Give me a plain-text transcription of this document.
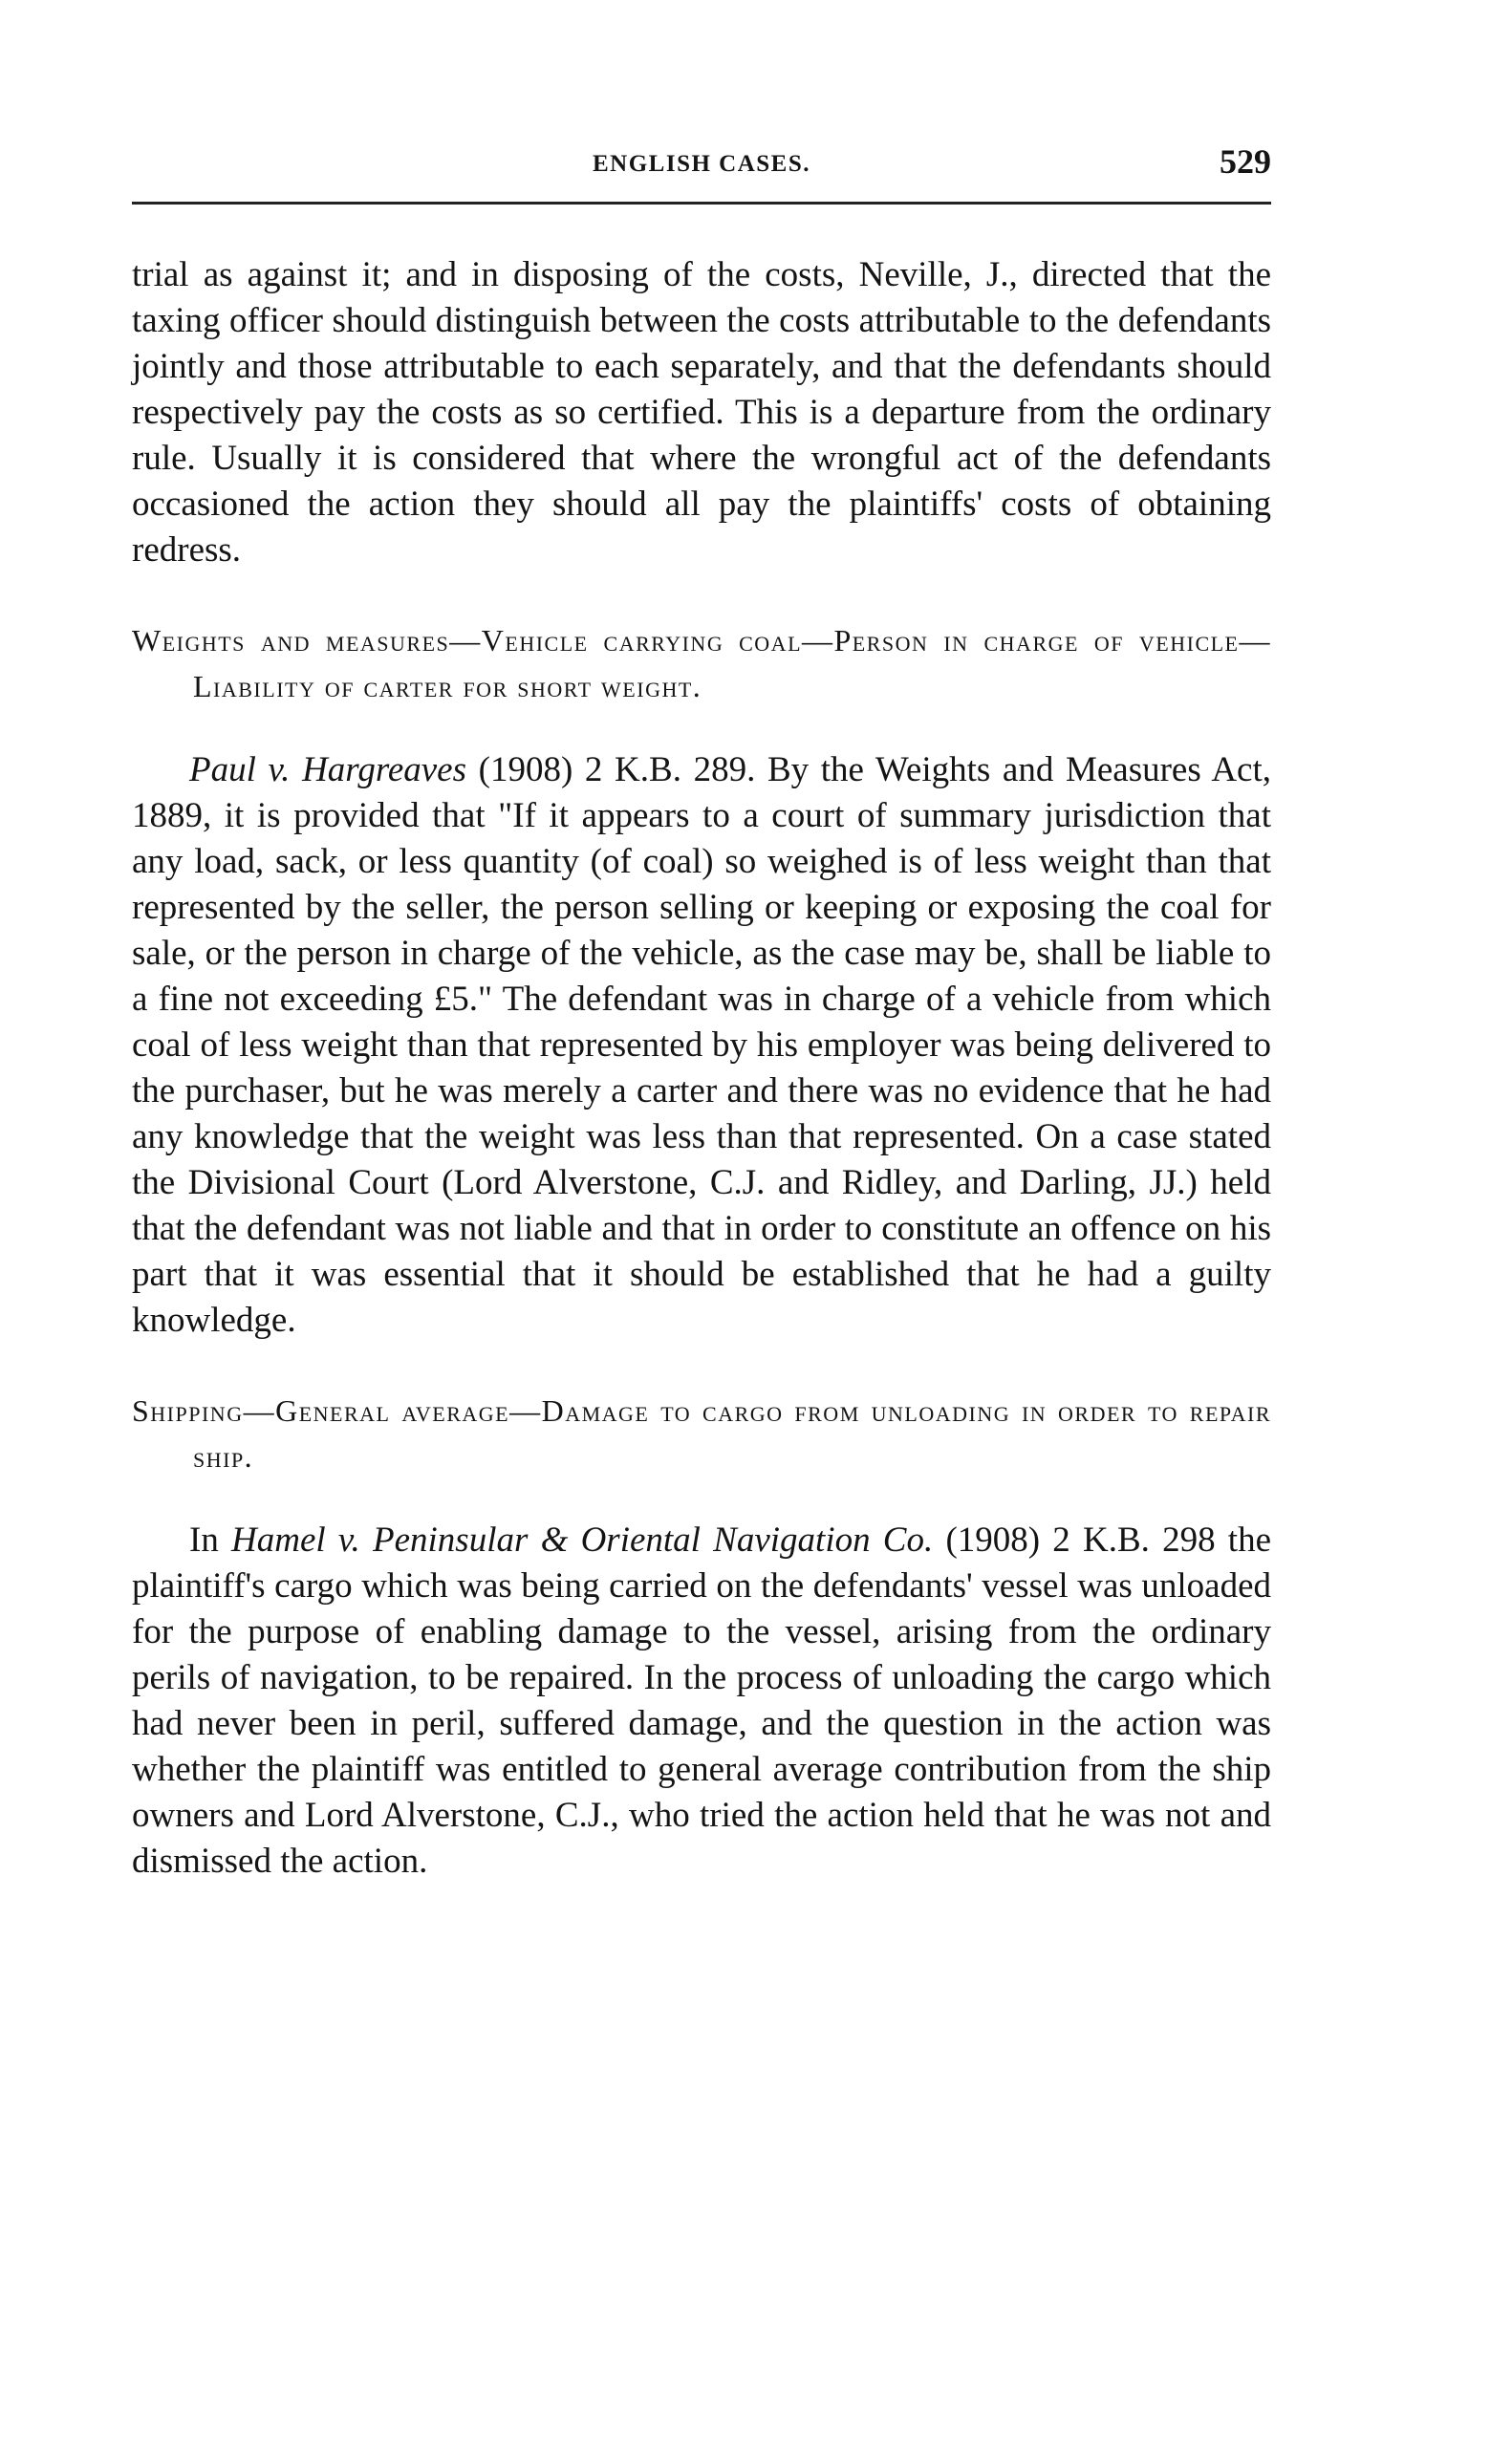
ENGLISH CASES.	529

trial as against it; and in disposing of the costs, Neville, J., directed that the taxing officer should distinguish between the costs attributable to the defendants jointly and those attributable to each separately, and that the defendants should respectively pay the costs as so certified. This is a departure from the ordinary rule. Usually it is considered that where the wrongful act of the defendants occasioned the action they should all pay the plaintiffs' costs of obtaining redress.

Weights and measures—Vehicle carrying coal—Person in charge of vehicle—Liability of carter for short weight.

Paul v. Hargreaves (1908) 2 K.B. 289. By the Weights and Measures Act, 1889, it is provided that "If it appears to a court of summary jurisdiction that any load, sack, or less quantity (of coal) so weighed is of less weight than that represented by the seller, the person selling or keeping or exposing the coal for sale, or the person in charge of the vehicle, as the case may be, shall be liable to a fine not exceeding £5." The defendant was in charge of a vehicle from which coal of less weight than that represented by his employer was being delivered to the purchaser, but he was merely a carter and there was no evidence that he had any knowledge that the weight was less than that represented. On a case stated the Divisional Court (Lord Alverstone, C.J. and Ridley, and Darling, JJ.) held that the defendant was not liable and that in order to constitute an offence on his part that it was essential that it should be established that he had a guilty knowledge.

Shipping—General average—Damage to cargo from unloading in order to repair ship.

In Hamel v. Peninsular & Oriental Navigation Co. (1908) 2 K.B. 298 the plaintiff's cargo which was being carried on the defendants' vessel was unloaded for the purpose of enabling damage to the vessel, arising from the ordinary perils of navigation, to be repaired. In the process of unloading the cargo which had never been in peril, suffered damage, and the question in the action was whether the plaintiff was entitled to general average contribution from the ship owners and Lord Alverstone, C.J., who tried the action held that he was not and dismissed the action.
